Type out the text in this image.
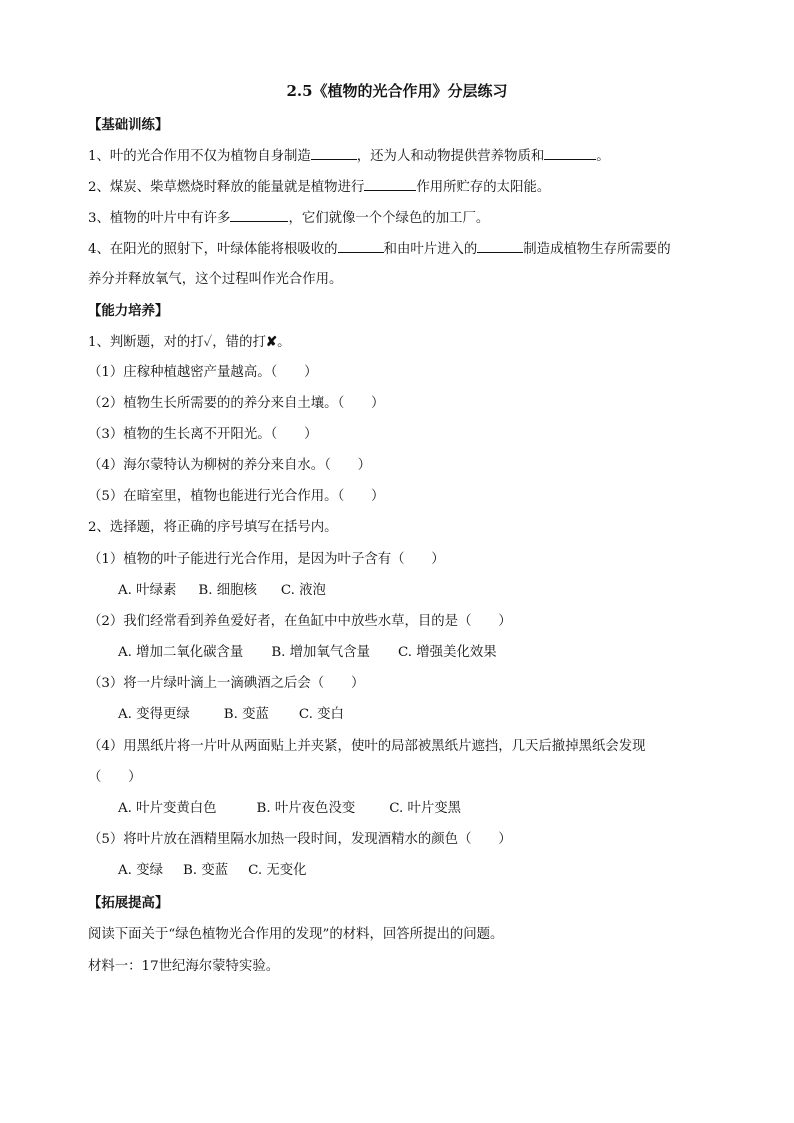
2.5《植物的光合作用》分层练习
【基础训练】
1、叶的光合作用不仅为植物自身制造	，还为人和动物提供营养物质和	。
2、煤炭、柴草燃烧时释放的能量就是植物进行	作用所贮存的太阳能。
3、植物的叶片中有许多	，它们就像一个个绿色的加工厂。
4、在阳光的照射下，叶绿体能将根吸收的	和由叶片进入的	制造成植物生存所需要的
养分并释放氧气，这个过程叫作光合作用。
【能力培养】
1、判断题，对的打✓，错的打✘。
（1）庄稼种植越密产量越高。（　　）
（2）植物生长所需要的的养分来自土壤。（　　）
（3）植物的生长离不开阳光。（　　）
（4）海尔蒙特认为柳树的养分来自水。（　　）
（5）在暗室里，植物也能进行光合作用。（　　）
2、选择题，将正确的序号填写在括号内。
（1）植物的叶子能进行光合作用，是因为叶子含有（　　）
A. 叶绿素 B. 细胞核 C. 液泡
（2）我们经常看到养鱼爱好者，在鱼缸中中放些水草，目的是（　　）
A. 增加二氧化碳含量 B. 增加氧气含量 C. 增强美化效果
（3）将一片绿叶滴上一滴碘酒之后会（　　）
A. 变得更绿	B. 变蓝 C. 变白
（4）用黑纸片将一片叶从两面贴上并夹紧，使叶的局部被黑纸片遮挡，几天后撤掉黑纸会发现
（　　）
A. 叶片变黄白色	B. 叶片夜色没变	C. 叶片变黑
（5）将叶片放在酒精里隔水加热一段时间，发现酒精水的颜色（　　）
A. 变绿 B. 变蓝 C. 无变化
【拓展提高】
阅读下面关于“绿色植物光合作用的发现”的材料，回答所提出的问题。
材料一：17世纪海尔蒙特实验。
